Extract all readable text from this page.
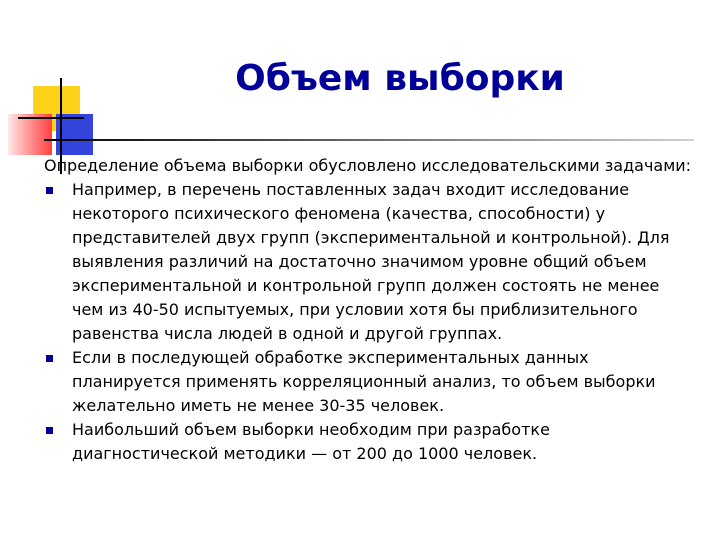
Объем выборки

Определение объема выборки обусловлено исследовательскими задачами:

Например, в перечень поставленных задач входит исследование некоторого психического феномена (качества, способности) у представителей двух групп (экспериментальной и контрольной). Для выявления различий на достаточно значимом уровне общий объем экспериментальной и контрольной групп должен состоять не менее чем из 40-50 испытуемых, при условии хотя бы приблизительного равенства числа людей в одной и другой группах.
Если в последующей обработке экспериментальных данных планируется применять корреляционный анализ, то объем выборки желательно иметь не менее 30-35 человек.
Наибольший объем выборки необходим при разработке диагностической методики — от 200 до 1000 человек.
